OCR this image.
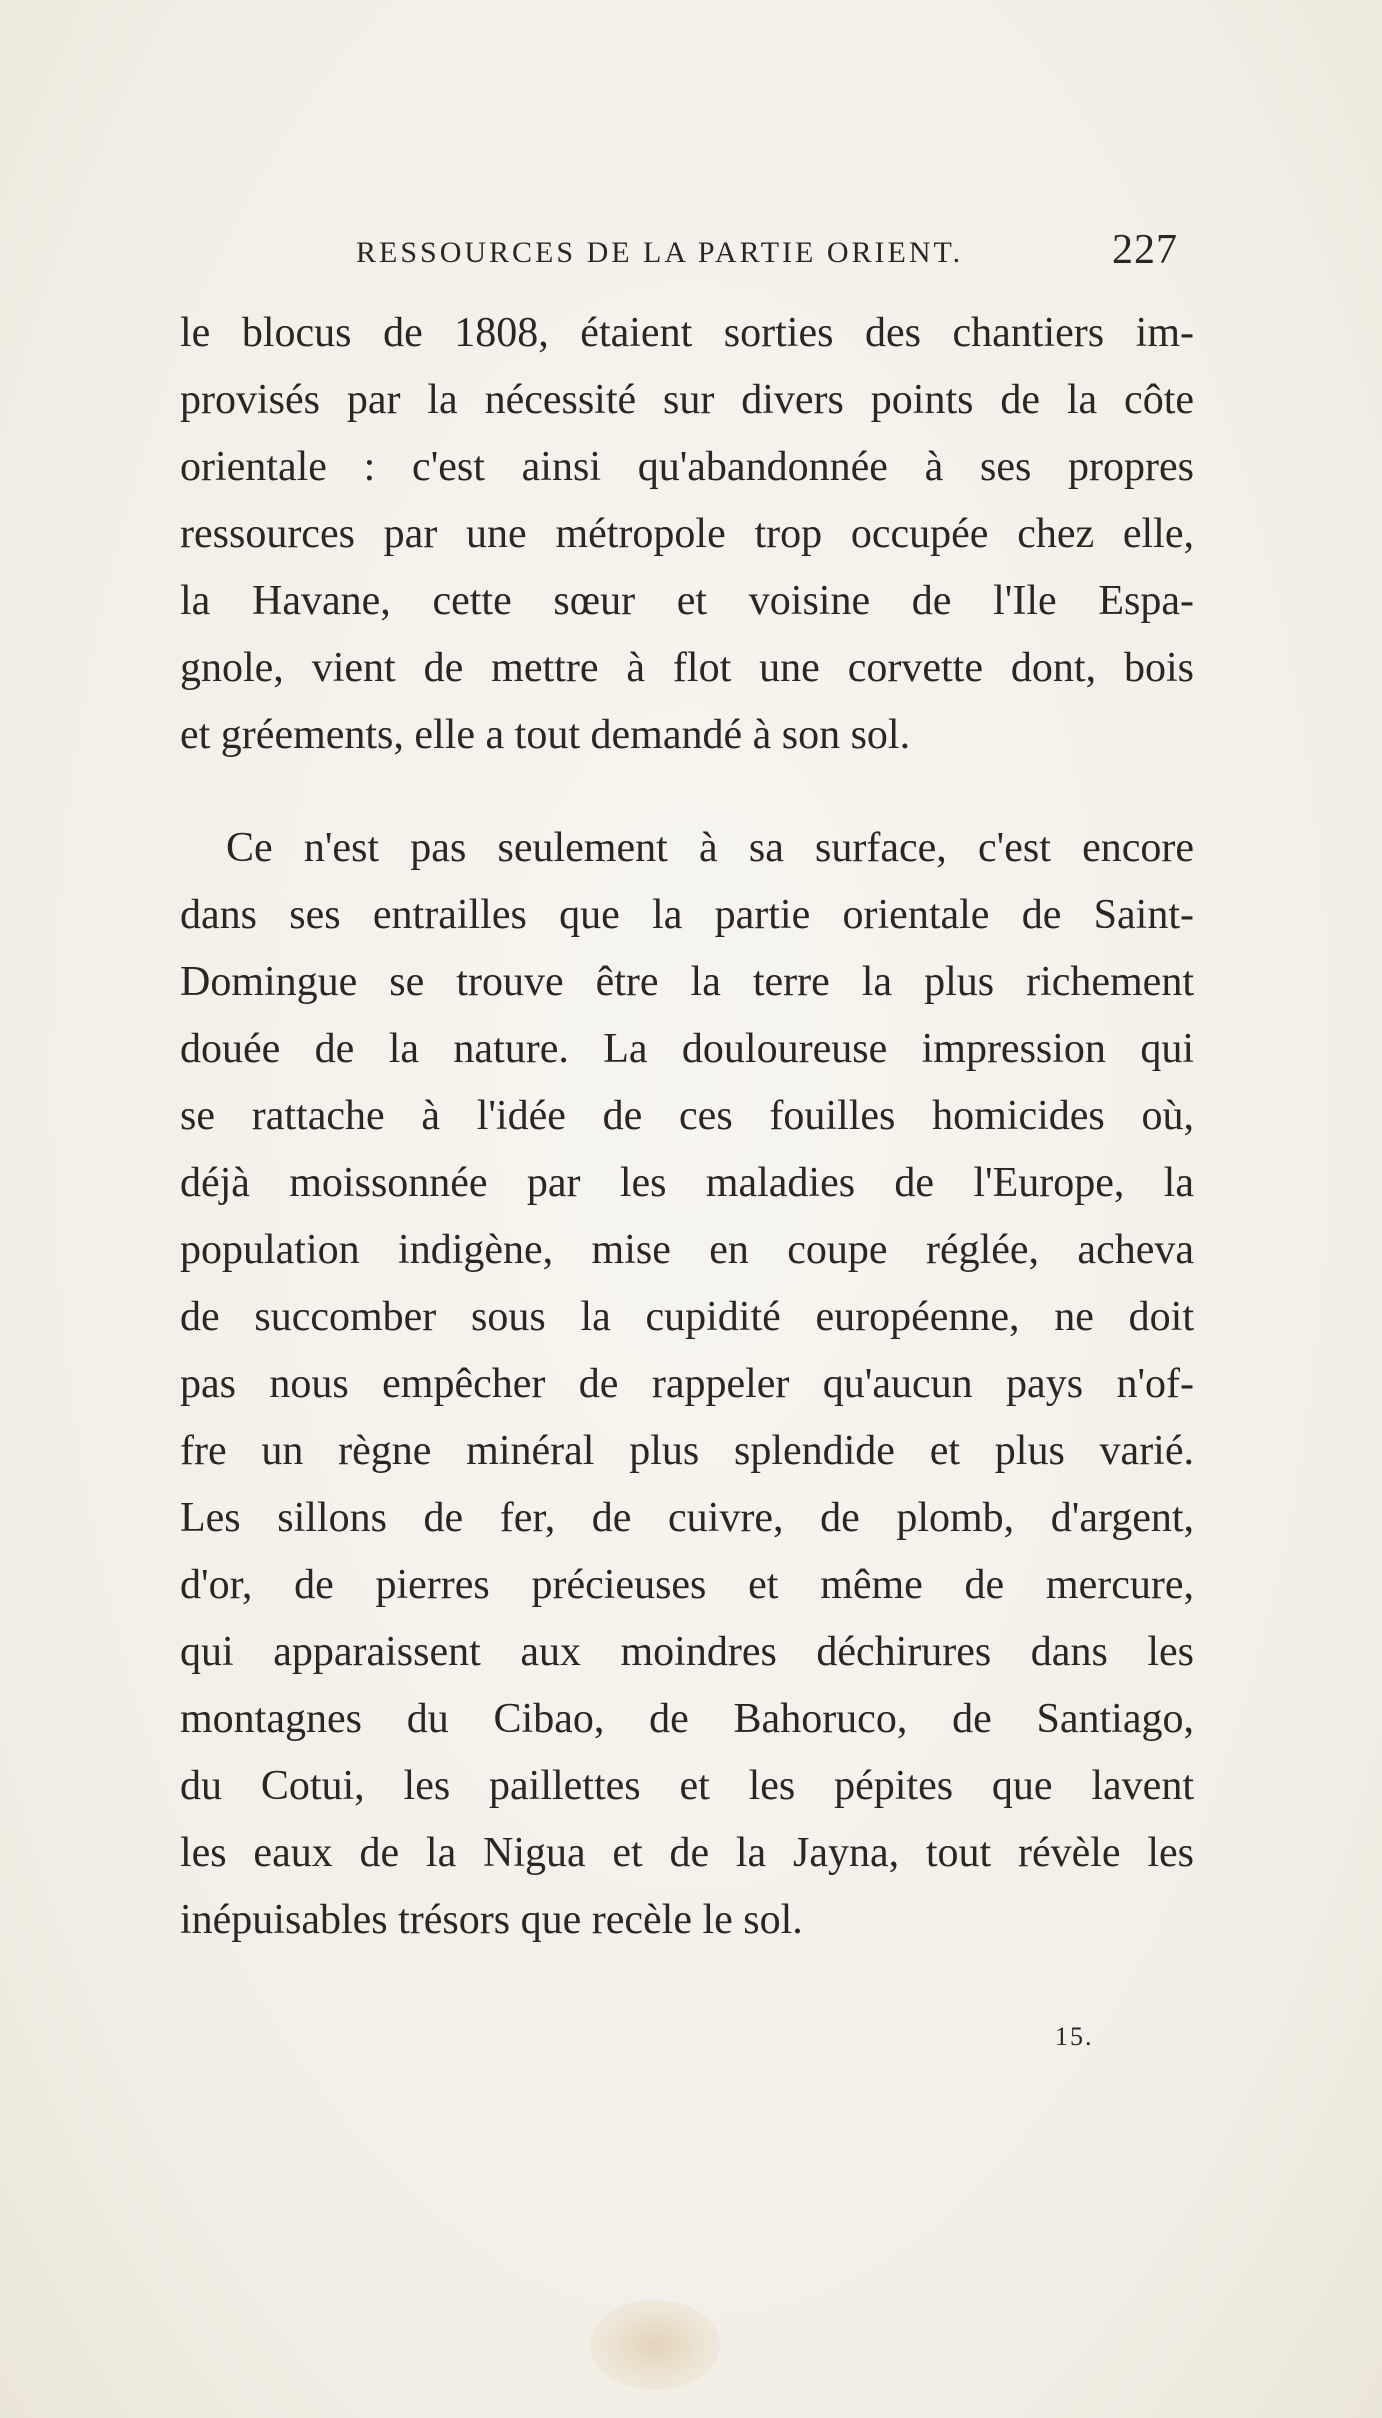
RESSOURCES DE LA PARTIE ORIENT.	227
le blocus de 1808, étaient sorties des chantiers im-
provisés par la nécessité sur divers points de la côte
orientale : c'est ainsi qu'abandonnée à ses propres
ressources par une métropole trop occupée chez elle,
la Havane, cette sœur et voisine de l'Ile Espa-
gnole, vient de mettre à flot une corvette dont, bois
et gréements, elle a tout demandé à son sol.
Ce n'est pas seulement à sa surface, c'est encore
dans ses entrailles que la partie orientale de Saint-
Domingue se trouve être la terre la plus richement
douée de la nature. La douloureuse impression qui
se rattache à l'idée de ces fouilles homicides où,
déjà moissonnée par les maladies de l'Europe, la
population indigène, mise en coupe réglée, acheva
de succomber sous la cupidité européenne, ne doit
pas nous empêcher de rappeler qu'aucun pays n'of-
fre un règne minéral plus splendide et plus varié.
Les sillons de fer, de cuivre, de plomb, d'argent,
d'or, de pierres précieuses et même de mercure,
qui apparaissent aux moindres déchirures dans les
montagnes du Cibao, de Bahoruco, de Santiago,
du Cotui, les paillettes et les pépites que lavent
les eaux de la Nigua et de la Jayna, tout révèle les
inépuisables trésors que recèle le sol.
15.
